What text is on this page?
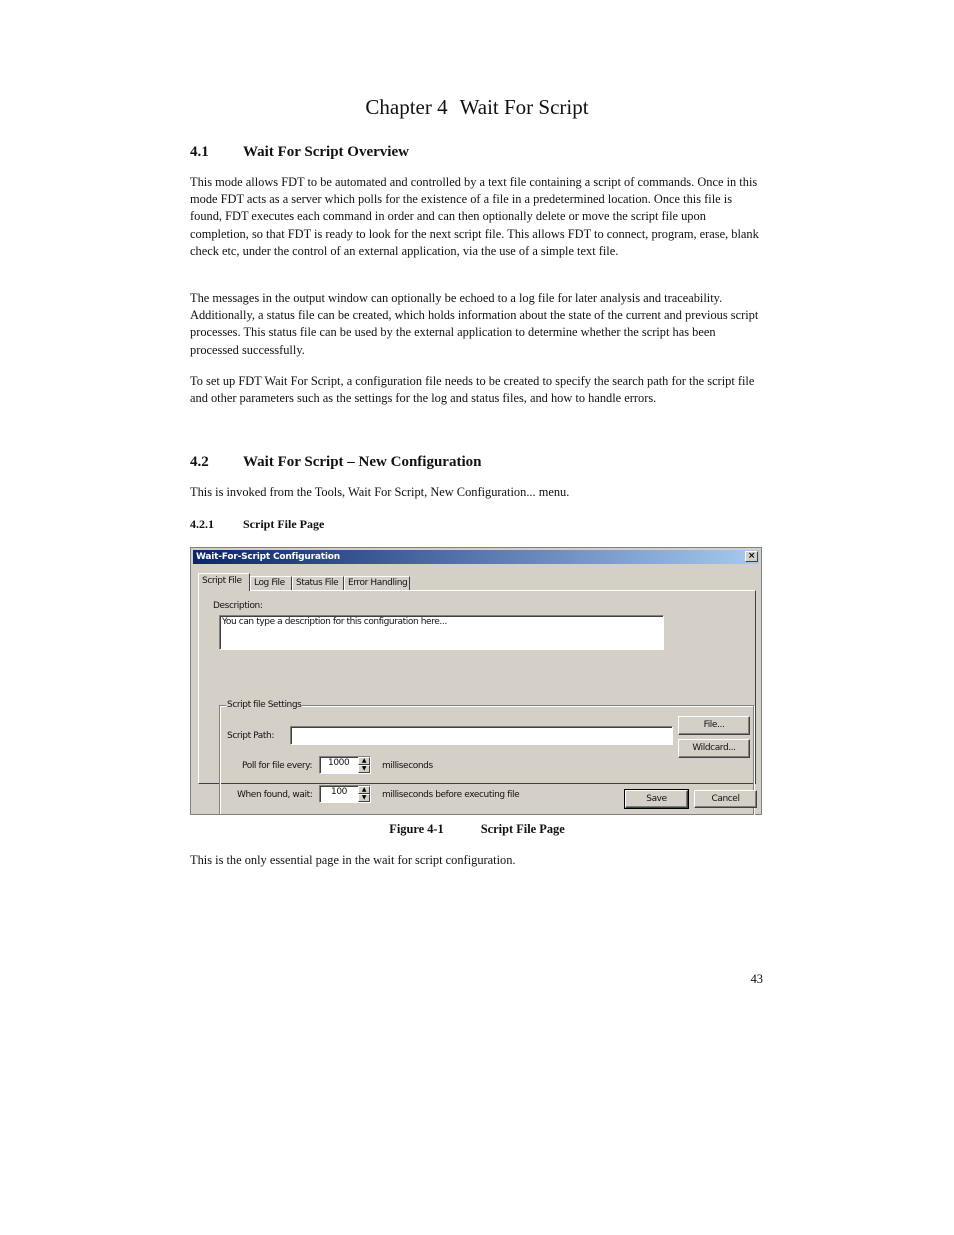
Chapter 4 Wait For Script
4.1 Wait For Script Overview

This mode allows FDT to be automated and controlled by a text file containing a script of commands. Once in this mode FDT acts as a server which polls for the existence of a file in a predetermined location. Once this file is found, FDT executes each command in order and can then optionally delete or move the script file upon completion, so that FDT is ready to look for the next script file. This allows FDT to connect, program, erase, blank check etc, under the control of an external application, via the use of a simple text file.

The messages in the output window can optionally be echoed to a log file for later analysis and traceability. Additionally, a status file can be created, which holds information about the state of the current and previous script processes. This status file can be used by the external application to determine whether the script has been processed successfully.

To set up FDT Wait For Script, a configuration file needs to be created to specify the search path for the script file and other parameters such as the settings for the log and status files, and how to handle errors.

4.2 Wait For Script – New Configuration

This is invoked from the Tools, Wait For Script, New Configuration... menu.

4.2.1 Script File Page
Wait-For-Script Configuration	×
Script File	Log File	Status File	Error Handling
Description:
You can type a description for this configuration here...
Script file Settings
Script Path:
File...
Wildcard...
Poll for file every: 1000	▲
▼	milliseconds
When found, wait: 100	▲
▼	milliseconds before executing file	Save	Cancel
Figure 4-1	Script File Page

This is the only essential page in the wait for script configuration.

43
